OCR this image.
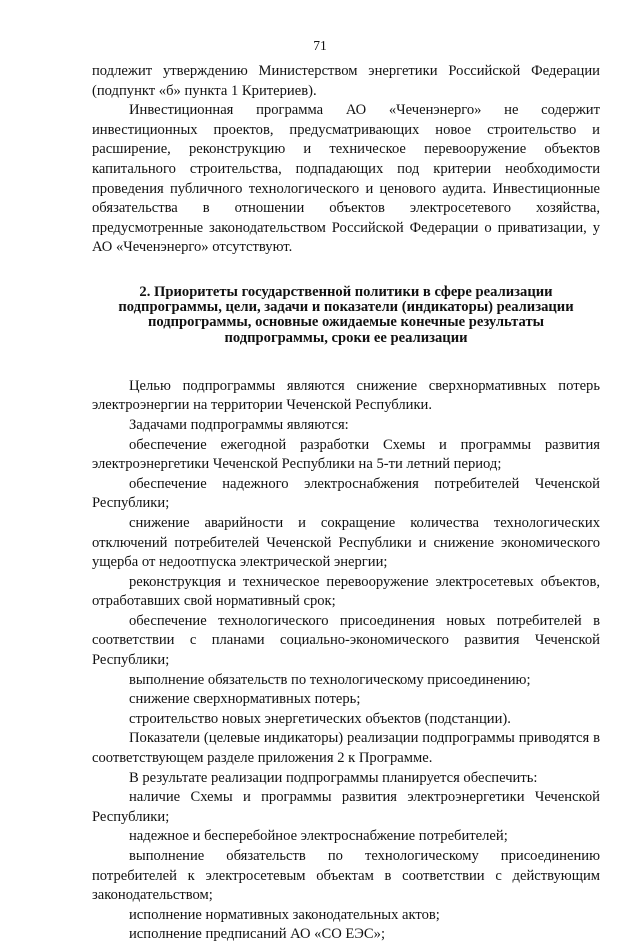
71

подлежит утверждению Министерством энергетики Российской Федерации (подпункт «б» пункта 1 Критериев).

Инвестиционная программа АО «Чеченэнерго» не содержит инвестиционных проектов, предусматривающих новое строительство и расширение, реконструкцию и техническое перевооружение объектов капитального строительства, подпадающих под критерии необходимости проведения публичного технологического и ценового аудита. Инвестиционные обязательства в отношении объектов электросетевого хозяйства, предусмотренные законодательством Российской Федерации о приватизации, у АО «Чеченэнерго» отсутствуют.

2. Приоритеты государственной политики в сфере реализации подпрограммы, цели, задачи и показатели (индикаторы) реализации подпрограммы, основные ожидаемые конечные результаты подпрограммы, сроки ее реализации

Целью подпрограммы являются снижение сверхнормативных потерь электроэнергии на территории Чеченской Республики.

Задачами подпрограммы являются:

обеспечение ежегодной разработки Схемы и программы развития электроэнергетики Чеченской Республики на 5-ти летний период;

обеспечение надежного электроснабжения потребителей Чеченской Республики;

снижение аварийности и сокращение количества технологических отключений потребителей Чеченской Республики и снижение экономического ущерба от недоотпуска электрической энергии;

реконструкция и техническое перевооружение электросетевых объектов, отработавших свой нормативный срок;

обеспечение технологического присоединения новых потребителей в соответствии с планами социально-экономического развития Чеченской Республики;

выполнение обязательств по технологическому присоединению;

снижение сверхнормативных потерь;

строительство новых энергетических объектов (подстанции).

Показатели (целевые индикаторы) реализации подпрограммы приводятся в соответствующем разделе приложения 2 к Программе.

В результате реализации подпрограммы планируется обеспечить:

наличие Схемы и программы развития электроэнергетики Чеченской Республики;

надежное и бесперебойное электроснабжение потребителей;

выполнение обязательств по технологическому присоединению потребителей к электросетевым объектам в соответствии с действующим законодательством;

исполнение нормативных законодательных актов;

исполнение предписаний АО «СО ЕЭС»;
